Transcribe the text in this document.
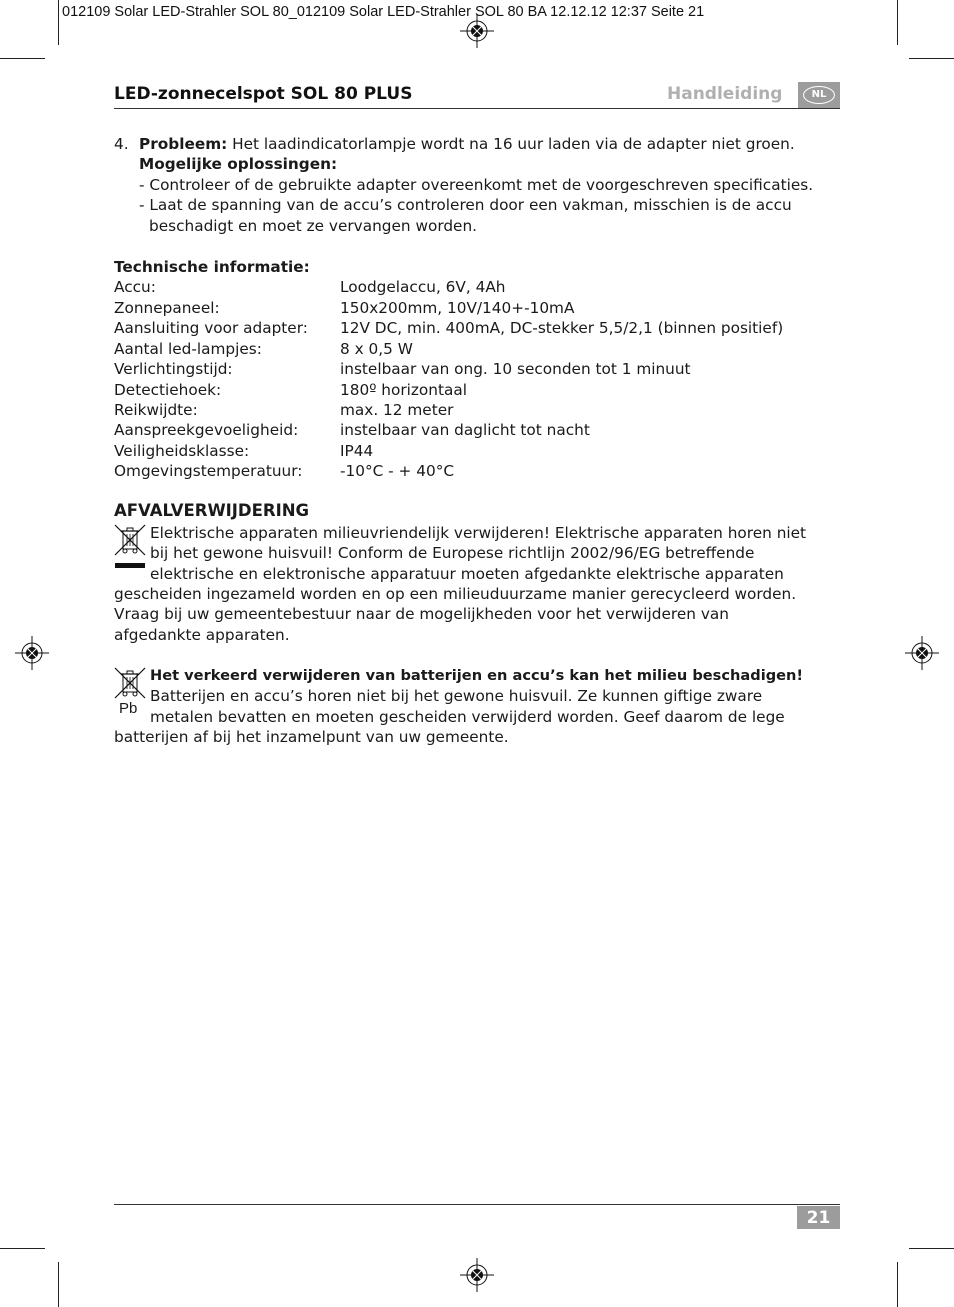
012109 Solar LED-Strahler SOL 80_012109 Solar LED-Strahler SOL 80 BA 12.12.12 12:37 Seite 21
LED-zonnecelspot SOL 80 PLUS	Handleiding	NL
4. Probleem: Het laadindicatorlampje wordt na 16 uur laden via de adapter niet groen.
Mogelijke oplossingen:
- Controleer of de gebruikte adapter overeenkomt met de voorgeschreven specificaties.
- Laat de spanning van de accu’s controleren door een vakman, misschien is de accu
beschadigt en moet ze vervangen worden.
Technische informatie:
Accu:	Loodgelaccu, 6V, 4Ah
Zonnepaneel:	150x200mm, 10V/140+-10mA
Aansluiting voor adapter: 12V DC, min. 400mA, DC-stekker 5,5/2,1 (binnen positief)
Aantal led-lampjes:	8 x 0,5 W
Verlichtingstijd:	instelbaar van ong. 10 seconden tot 1 minuut
Detectiehoek:	180º horizontaal
Reikwijdte:	max. 12 meter
Aanspreekgevoeligheid:	instelbaar van daglicht tot nacht
Veiligheidsklasse:	IP44
Omgevingstemperatuur: -10°C - + 40°C
AFVALVERWIJDERING
Elektrische apparaten milieuvriendelijk verwijderen! Elektrische apparaten horen niet
bij het gewone huisvuil! Conform de Europese richtlijn 2002/96/EG betreffende
elektrische en elektronische apparatuur moeten afgedankte elektrische apparaten
gescheiden ingezameld worden en op een milieuduurzame manier gerecycleerd worden.
Vraag bij uw gemeentebestuur naar de mogelijkheden voor het verwijderen van
afgedankte apparaten.
Pb
Het verkeerd verwijderen van batterijen en accu’s kan het milieu beschadigen!
Batterijen en accu’s horen niet bij het gewone huisvuil. Ze kunnen giftige zware
metalen bevatten en moeten gescheiden verwijderd worden. Geef daarom de lege
batterijen af bij het inzamelpunt van uw gemeente.
21
